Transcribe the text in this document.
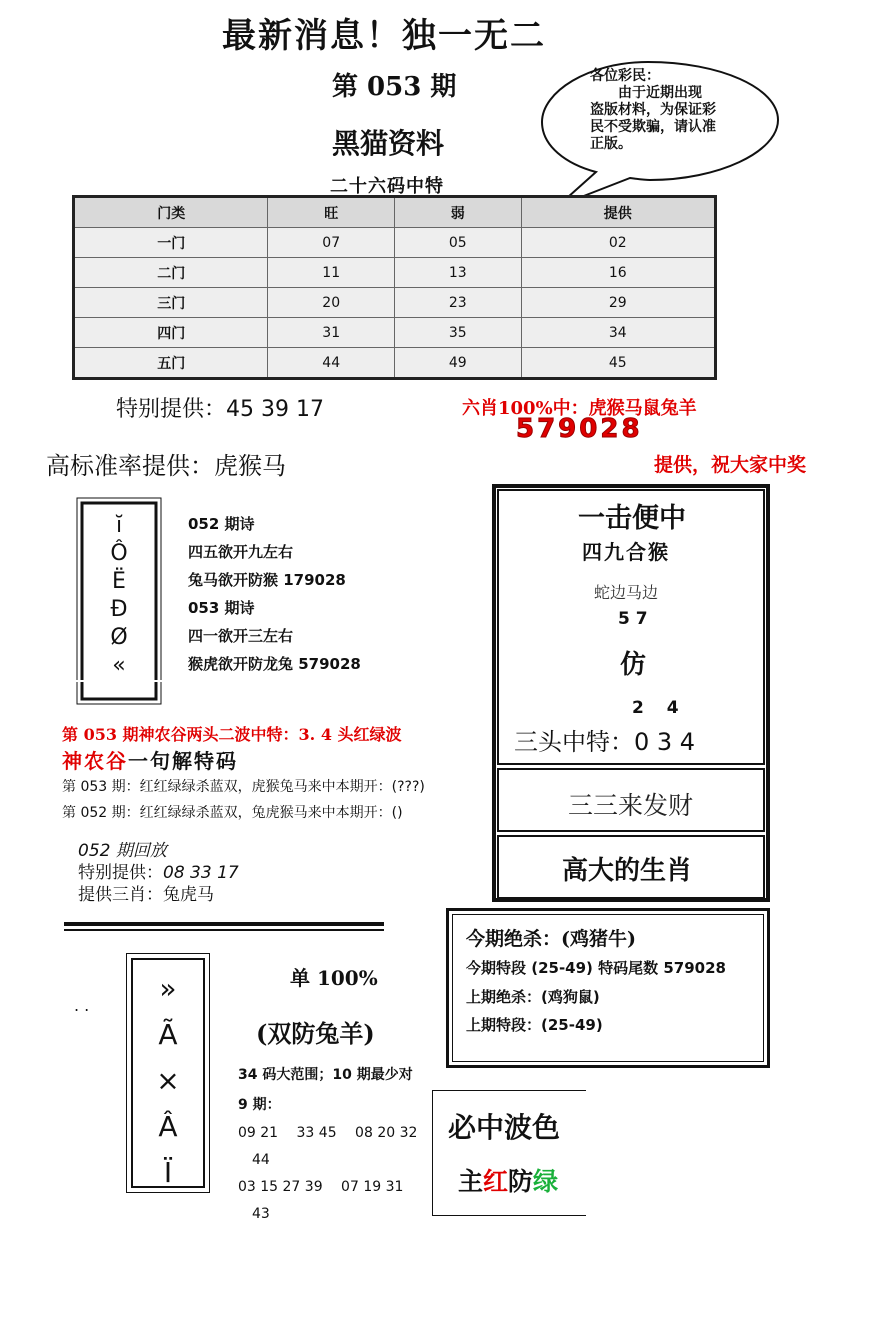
最新消息！独一无二
第 053 期
黑猫资料
二十六码中特
各位彩民：
　　由于近期出现
盗版材料，为保证彩
民不受欺骗，请认准
正版。
门类	旺	弱	提供
一门	07	05	02
二门	11	13	16
三门	20	23	29
四门	31	35	34
五门	44	49	45
特别提供：45 39 17
高标准率提供：虎猴马
六肖100%中：虎猴马鼠兔羊
579028
提供，祝大家中奖
ĭ
Ô
Ë
Ð
Ø
«
052 期诗
四五欲开九左右
兔马欲开防猴 179028
053 期诗
四一欲开三左右
猴虎欲开防龙兔 579028
一击便中
四九合猴
蛇边马边
5 7
仿
2　 4
三头中特：0 3 4
三三来发财
高大的生肖
第 053 期神农谷两头二波中特：3. 4 头红绿波
神农谷一句解特码
第 053 期：红红绿绿杀蓝双，虎猴兔马来中本期开：(???)
第 052 期：红红绿绿杀蓝双，兔虎猴马来中本期开：()
052 期回放
特别提供：08 33 17
提供三肖：兔虎马
今期绝杀：(鸡猪牛)
今期特段 (25-49) 特码尾数 579028
上期绝杀：(鸡狗鼠)
上期特段：(25-49)
»
Ã
×
Â
Ï
. .
单 100%
(双防兔羊)
34 码大范围；10 期最少对
9 期：
09 21　 33 45　 08 20 32
　44
03 15 27 39　 07 19 31
　43
必中波色
主红防绿
